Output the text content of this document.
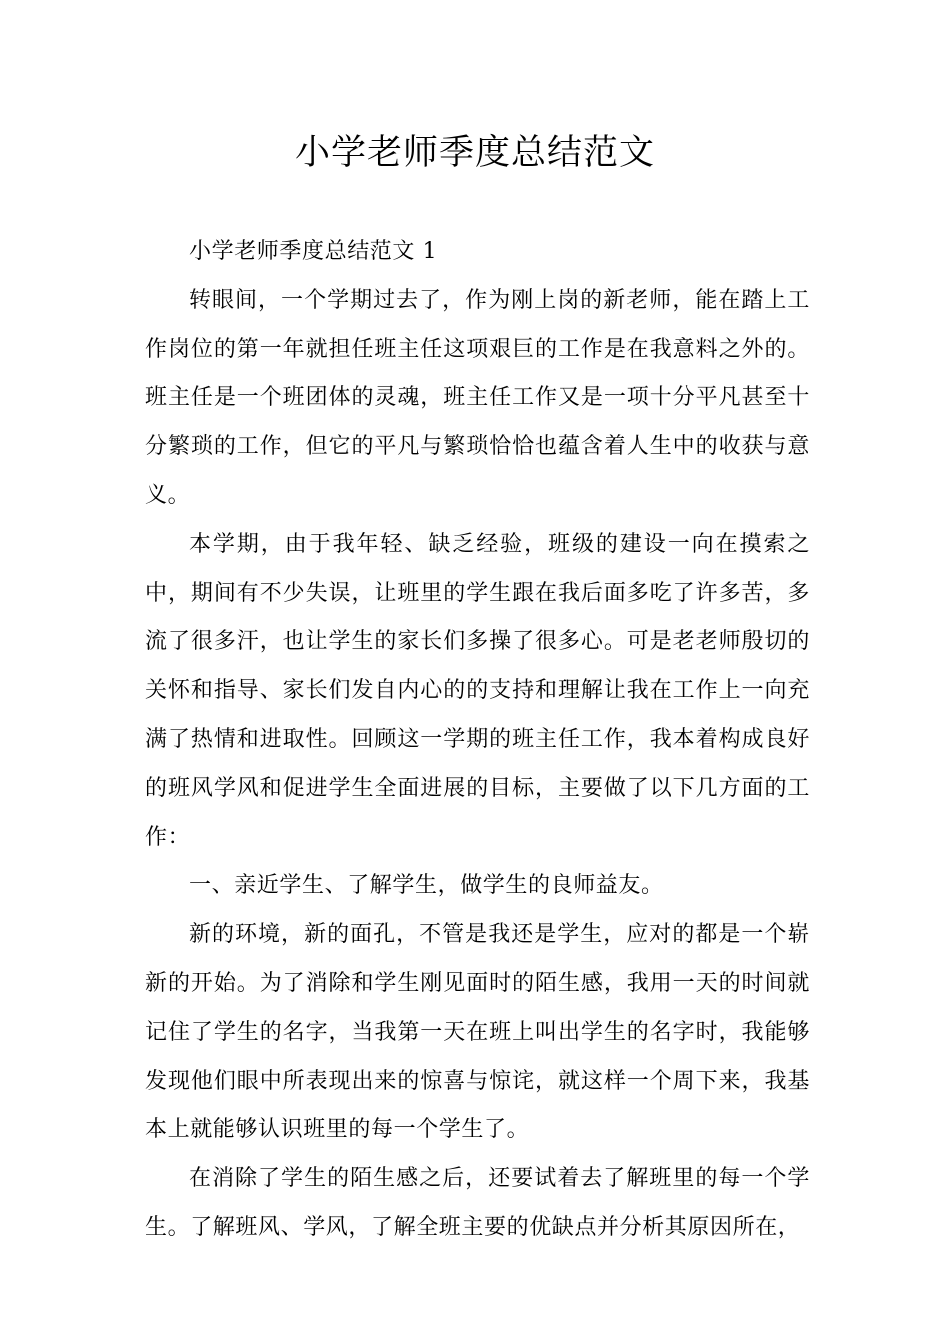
小学老师季度总结范文

小学老师季度总结范文 1

转眼间，一个学期过去了，作为刚上岗的新老师，能在踏上工作岗位的第一年就担任班主任这项艰巨的工作是在我意料之外的。班主任是一个班团体的灵魂，班主任工作又是一项十分平凡甚至十分繁琐的工作，但它的平凡与繁琐恰恰也蕴含着人生中的收获与意义。

本学期，由于我年轻、缺乏经验，班级的建设一向在摸索之中，期间有不少失误，让班里的学生跟在我后面多吃了许多苦，多流了很多汗，也让学生的家长们多操了很多心。可是老老师殷切的关怀和指导、家长们发自内心的的支持和理解让我在工作上一向充满了热情和进取性。回顾这一学期的班主任工作，我本着构成良好的班风学风和促进学生全面进展的目标，主要做了以下几方面的工作：

一、亲近学生、了解学生，做学生的良师益友。

新的环境，新的面孔，不管是我还是学生，应对的都是一个崭新的开始。为了消除和学生刚见面时的陌生感，我用一天的时间就记住了学生的名字，当我第一天在班上叫出学生的名字时，我能够发现他们眼中所表现出来的惊喜与惊诧，就这样一个周下来，我基本上就能够认识班里的每一个学生了。

在消除了学生的陌生感之后，还要试着去了解班里的每一个学生。了解班风、学风，了解全班主要的优缺点并分析其原因所在，
